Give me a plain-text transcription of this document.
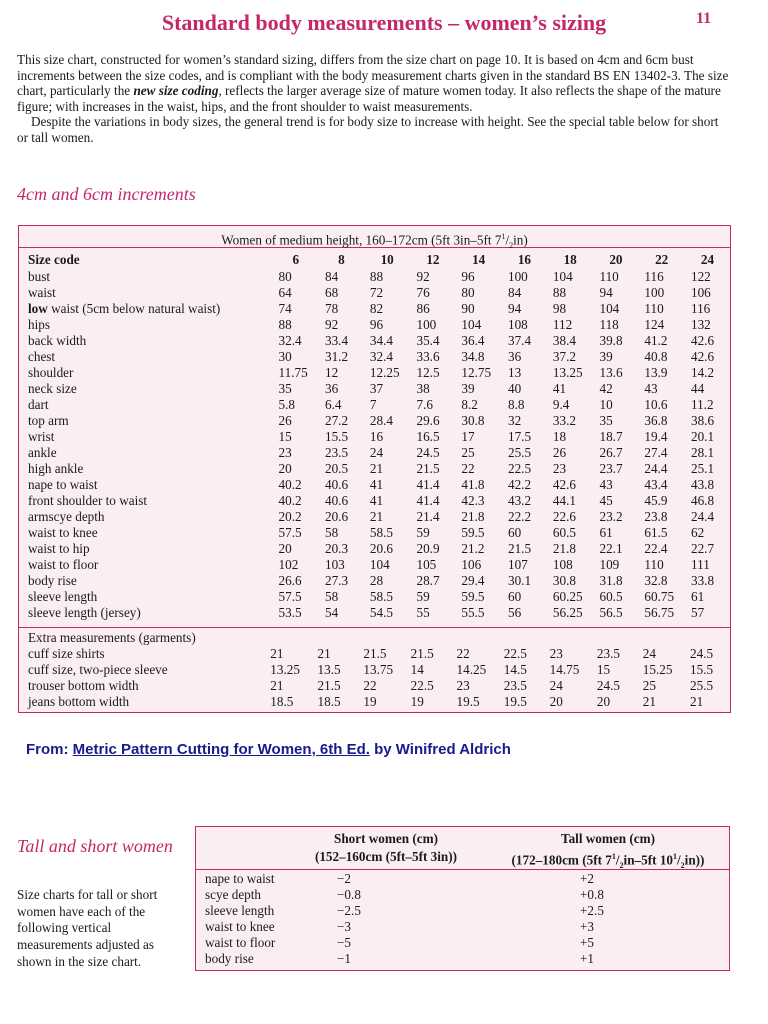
Standard body measurements – women’s sizing	11

This size chart, constructed for women’s standard sizing, differs from the size chart on page 10. It is based on 4cm and 6cm bust increments between the size codes, and is compliant with the body measurement charts given in the standard BS EN 13402-3. The size chart, particularly the new size coding, reflects the larger average size of mature women today. It also reflects the shape of the mature figure; with increases in the waist, hips, and the front shoulder to waist measurements.

Despite the variations in body sizes, the general trend is for body size to increase with height. See the special table below for short or tall women.

4cm and 6cm increments
Women of medium height, 160–172cm (5ft 3in–5ft $7^1/_2in$)
Size code	6	8	10	12	14	16	18	20	22	24
bust	80	84	88	92	96	100	104	110	116	122
waist	64	68	72	76	80	84	88	94	100	106
low waist (5cm below natural waist)	74	78	82	86	90	94	98	104	110	116
hips	88	92	96	100	104	108	112	118	124	132
back width	32.4	33.4	34.4	35.4	36.4	37.4	38.4	39.8	41.2	42.6
chest	30	31.2	32.4	33.6	34.8	36	37.2	39	40.8	42.6
shoulder	11.75	12	12.25	12.5	12.75	13	13.25	13.6	13.9	14.2
neck size	35	36	37	38	39	40	41	42	43	44
dart	5.8	6.4	7	7.6	8.2	8.8	9.4	10	10.6	11.2
top arm	26	27.2	28.4	29.6	30.8	32	33.2	35	36.8	38.6
wrist	15	15.5	16	16.5	17	17.5	18	18.7	19.4	20.1
ankle	23	23.5	24	24.5	25	25.5	26	26.7	27.4	28.1
high ankle	20	20.5	21	21.5	22	22.5	23	23.7	24.4	25.1
nape to waist	40.2	40.6	41	41.4	41.8	42.2	42.6	43	43.4	43.8
front shoulder to waist	40.2	40.6	41	41.4	42.3	43.2	44.1	45	45.9	46.8
armscye depth	20.2	20.6	21	21.4	21.8	22.2	22.6	23.2	23.8	24.4
waist to knee	57.5	58	58.5	59	59.5	60	60.5	61	61.5	62
waist to hip	20	20.3	20.6	20.9	21.2	21.5	21.8	22.1	22.4	22.7
waist to floor	102	103	104	105	106	107	108	109	110	111
body rise	26.6	27.3	28	28.7	29.4	30.1	30.8	31.8	32.8	33.8
sleeve length	57.5	58	58.5	59	59.5	60	60.25	60.5	60.75	61
sleeve length (jersey)	53.5	54	54.5	55	55.5	56	56.25	56.5	56.75	57
Extra measurements (garments)										
cuff size shirts	21	21	21.5	21.5	22	22.5	23	23.5	24	24.5
cuff size, two-piece sleeve	13.25	13.5	13.75	14	14.25	14.5	14.75	15	15.25	15.5
trouser bottom width	21	21.5	22	22.5	23	23.5	24	24.5	25	25.5
jeans bottom width	18.5	18.5	19	19	19.5	19.5	20	20	21	21
From: Metric Pattern Cutting for Women, 6th Ed. by Winifred Aldrich
Tall and short women
Size charts for tall or short women have each of the following vertical measurements adjusted as shown in the size chart.
Short women (cm)
(152–160cm (5ft–5ft 3in))
Tall women (cm)
(172–180cm (5ft $7^1/_2in-5ft$ $10^1/_2in$))
nape to waist	−2	+2
scye depth	−0.8	+0.8
sleeve length	−2.5	+2.5
waist to knee	−3	+3
waist to floor	−5	+5
body rise	−1	+1
